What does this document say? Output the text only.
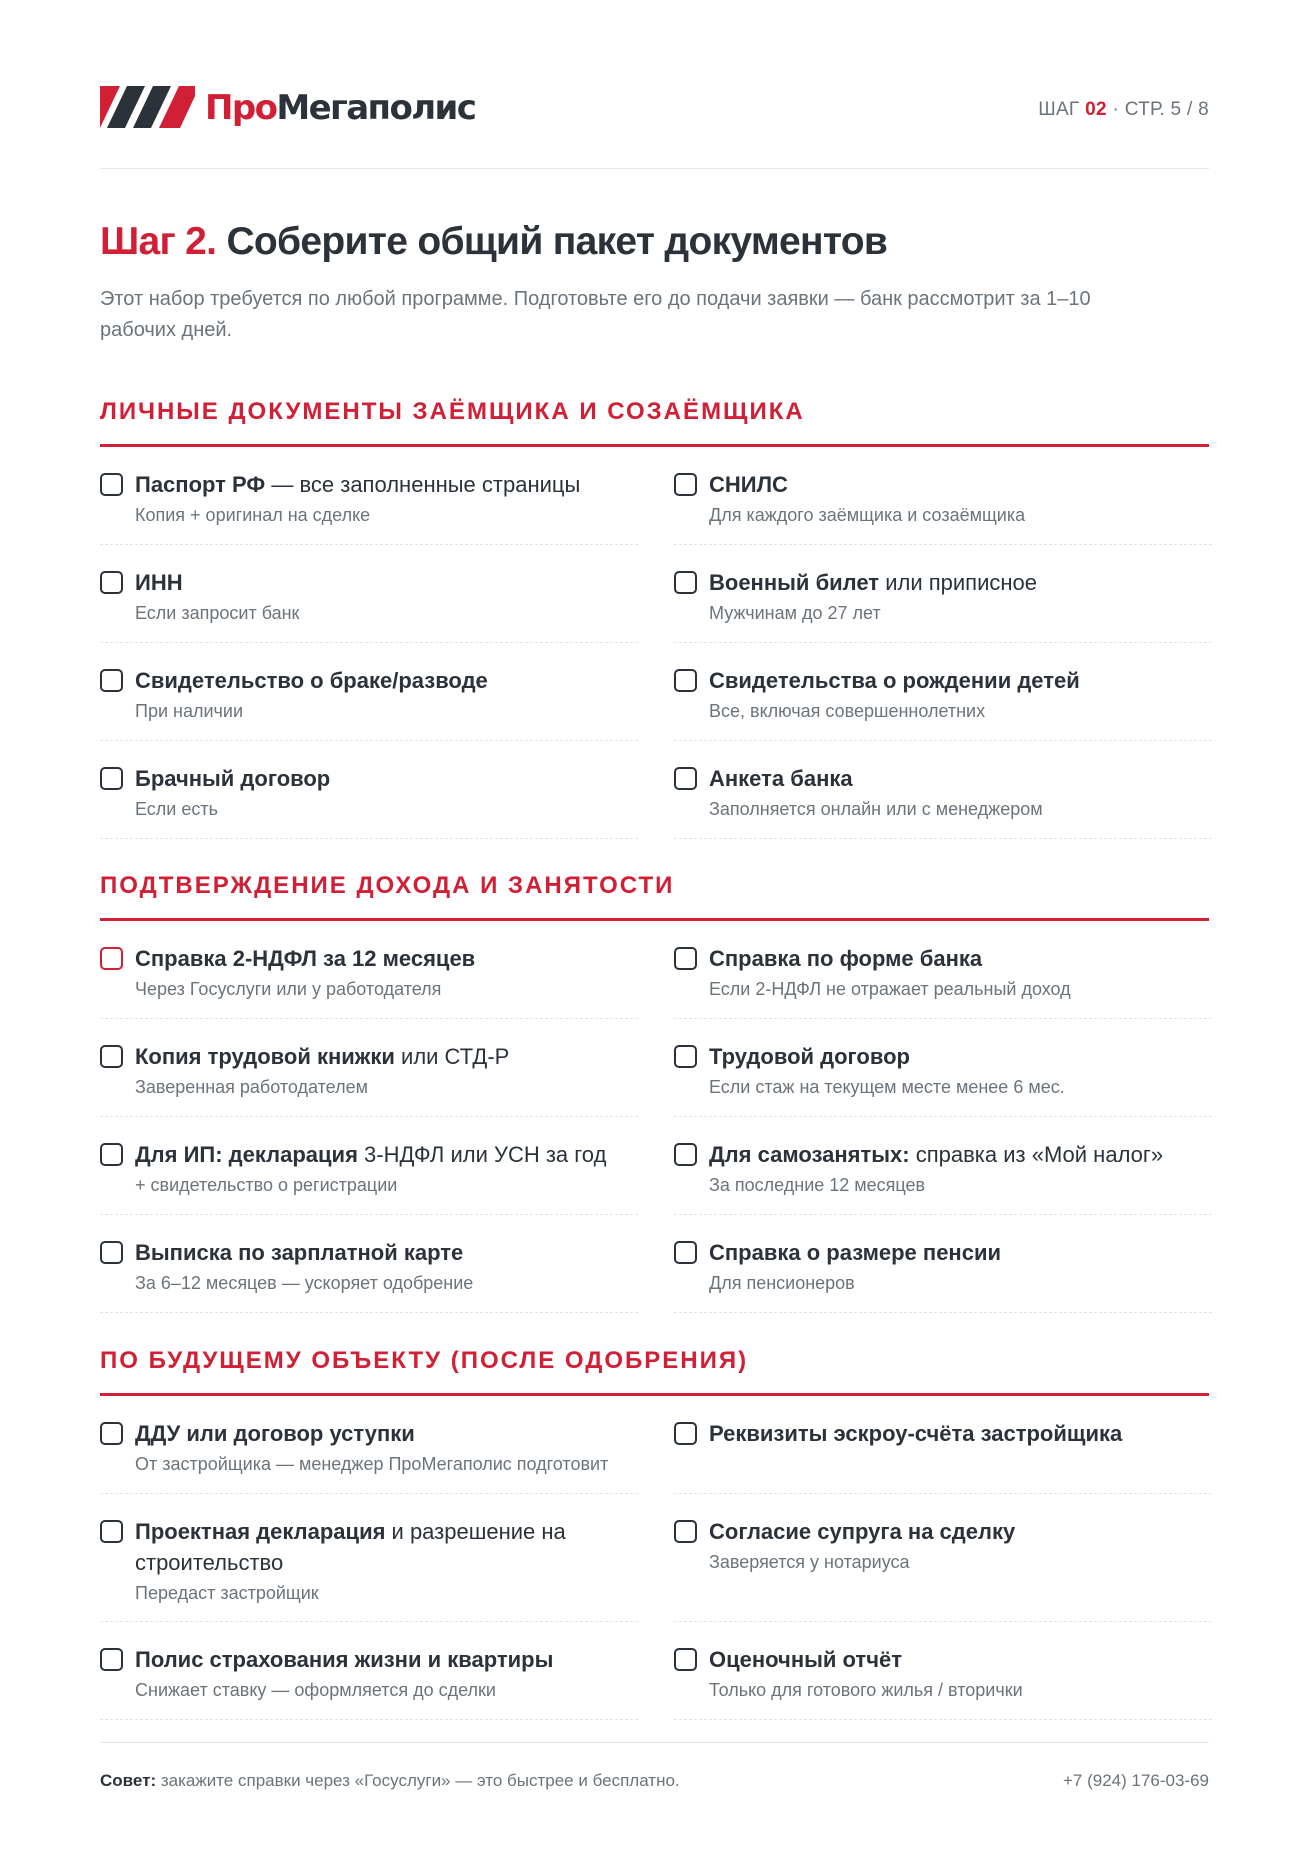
ПроМегаполис	ШАГ 02 · СТР. 5 / 8
Шаг 2. Соберите общий пакет документов

Этот набор требуется по любой программе. Подготовьте его до подачи заявки — банк рассмотрит за 1–10 рабочих дней.

ЛИЧНЫЕ ДОКУМЕНТЫ ЗАЁМЩИКА И СОЗАЁМЩИКА
Паспорт РФ — все заполненные страницы
Копия + оригинал на сделке
СНИЛС
Для каждого заёмщика и созаёмщика
ИНН
Если запросит банк
Военный билет или приписное
Мужчинам до 27 лет
Свидетельство о браке/разводе
При наличии
Свидетельства о рождении детей
Все, включая совершеннолетних
Брачный договор
Если есть
Анкета банка
Заполняется онлайн или с менеджером
ПОДТВЕРЖДЕНИЕ ДОХОДА И ЗАНЯТОСТИ
Справка 2-НДФЛ за 12 месяцев
Через Госуслуги или у работодателя
Справка по форме банка
Если 2-НДФЛ не отражает реальный доход
Копия трудовой книжки или СТД-Р
Заверенная работодателем
Трудовой договор
Если стаж на текущем месте менее 6 мес.
Для ИП: декларация 3-НДФЛ или УСН за год
+ свидетельство о регистрации
Для самозанятых: справка из «Мой налог»
За последние 12 месяцев
Выписка по зарплатной карте
За 6–12 месяцев — ускоряет одобрение
Справка о размере пенсии
Для пенсионеров
ПО БУДУЩЕМУ ОБЪЕКТУ (ПОСЛЕ ОДОБРЕНИЯ)
ДДУ или договор уступки
От застройщика — менеджер ПроМегаполис подготовит
Реквизиты эскроу-счёта застройщика
Проектная декларация и разрешение на строительство
Передаст застройщик
Согласие супруга на сделку
Заверяется у нотариуса
Полис страхования жизни и квартиры
Снижает ставку — оформляется до сделки
Оценочный отчёт
Только для готового жилья / вторички
Совет: закажите справки через «Госуслуги» — это быстрее и бесплатно.	+7 (924) 176-03-69
